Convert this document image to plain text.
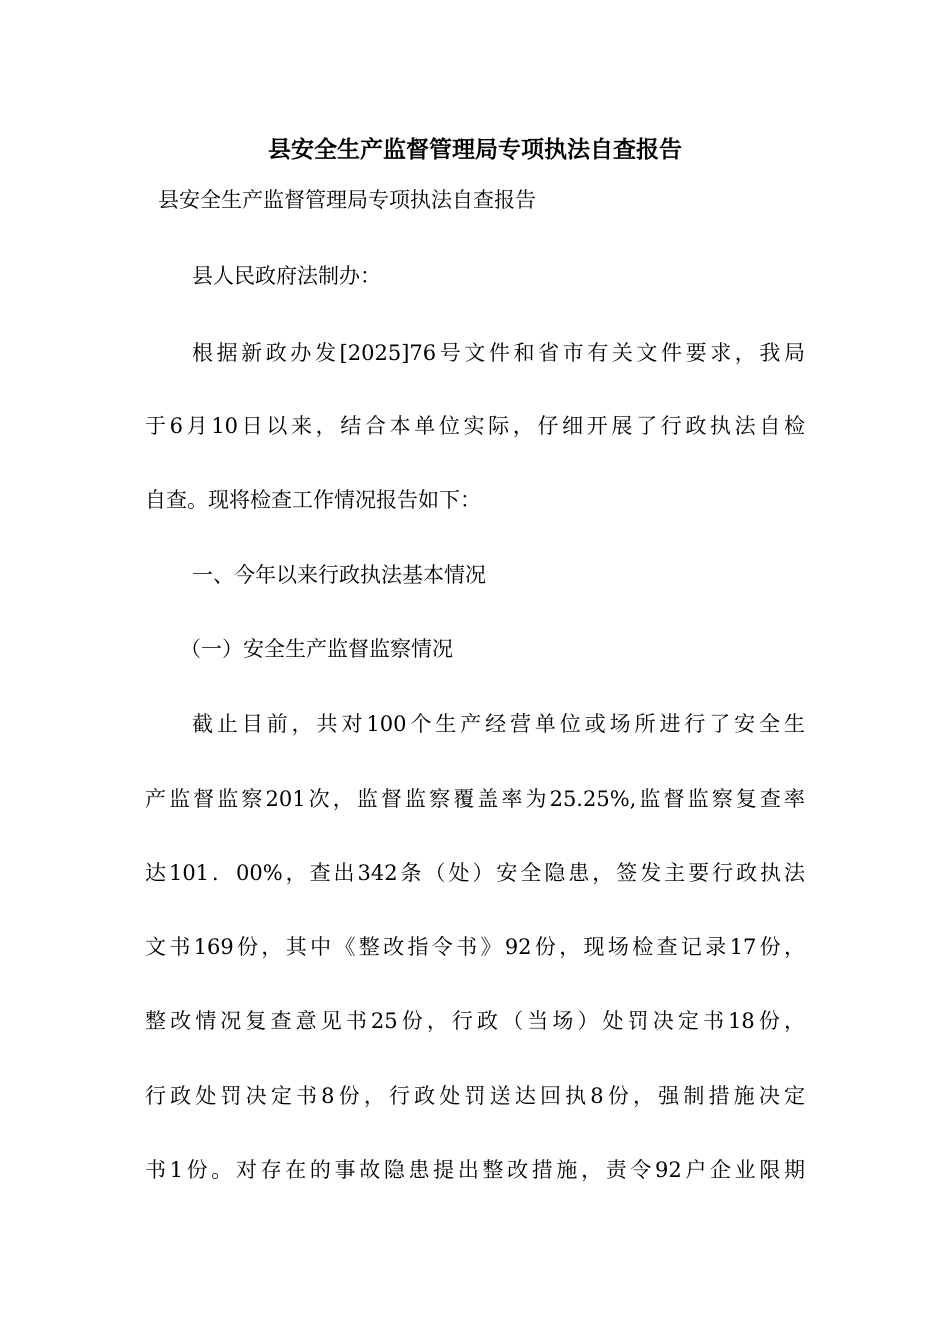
县安全生产监督管理局专项执法自查报告
县安全生产监督管理局专项执法自查报告
县人民政府法制办：
根据新政办发[2025]76号文件和省市有关文件要求，我局
于6月10日以来，结合本单位实际，仔细开展了行政执法自检
自查。现将检查工作情况报告如下：
一、今年以来行政执法基本情况
（一）安全生产监督监察情况
截止目前，共对100个生产经营单位或场所进行了安全生
产监督监察201次，监督监察覆盖率为25.25%,监督监察复查率
达101．00%，查出342条（处）安全隐患，签发主要行政执法
文书169份，其中《整改指令书》92份，现场检查记录17份，
整改情况复查意见书25份，行政（当场）处罚决定书18份，
行政处罚决定书8份，行政处罚送达回执8份，强制措施决定
书1份。对存在的事故隐患提出整改措施，责令92户企业限期
